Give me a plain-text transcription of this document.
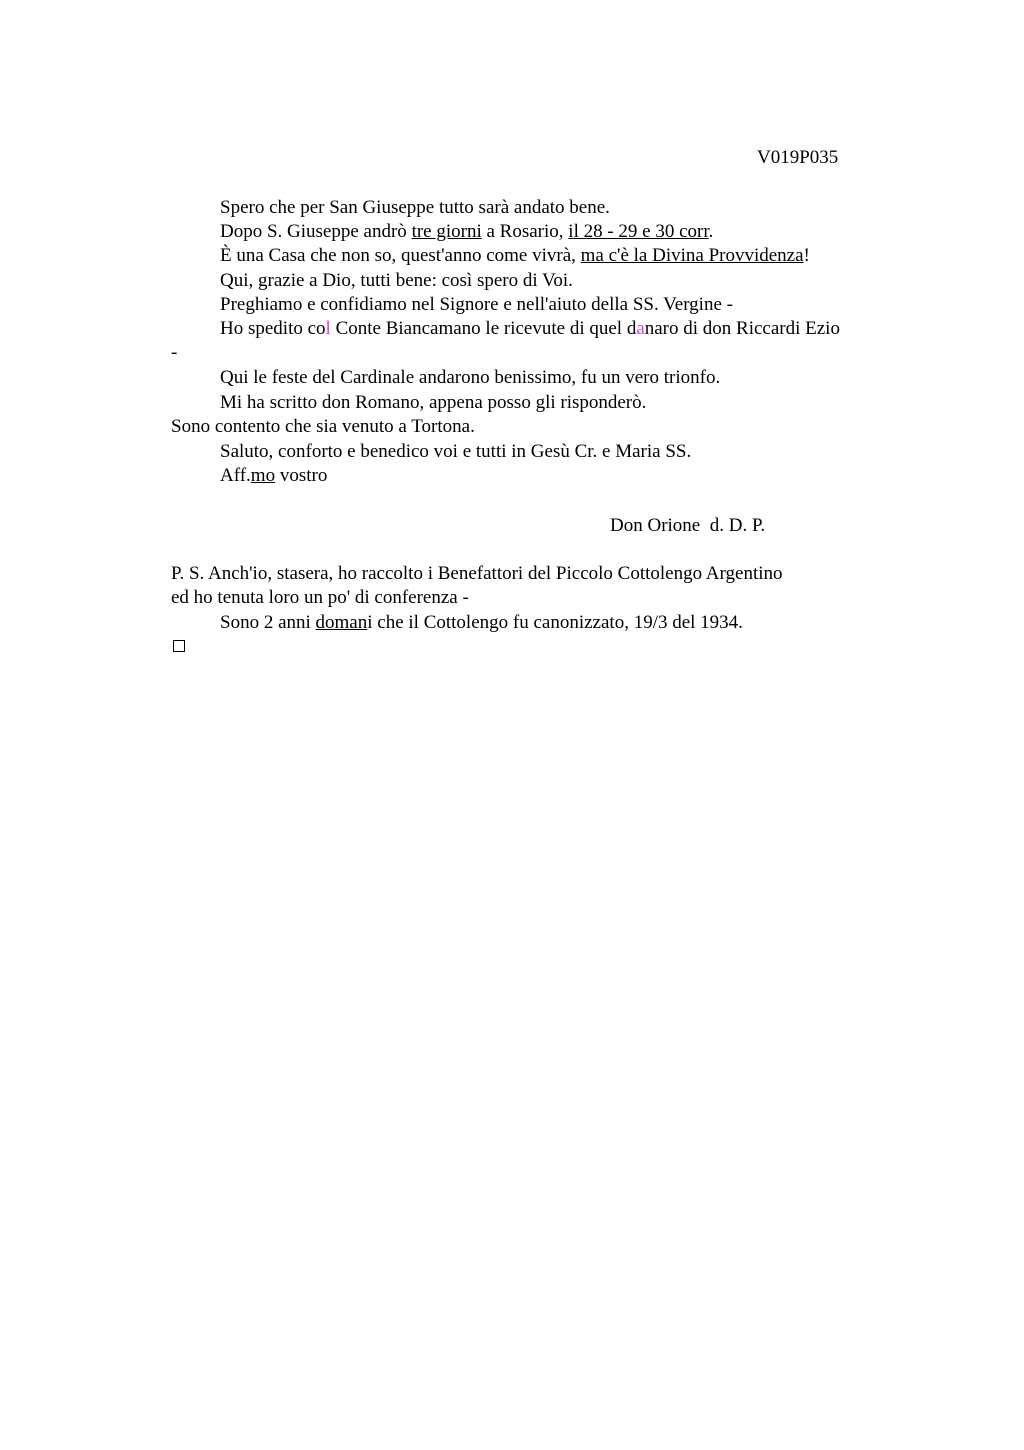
V019P035
Spero che per San Giuseppe tutto sarà andato bene.
Dopo S. Giuseppe andrò tre giorni a Rosario, il 28 - 29 e 30 corr.
È una Casa che non so, quest'anno come vivrà, ma c'è la Divina Provvidenza!
Qui, grazie a Dio, tutti bene: così spero di Voi.
Preghiamo e confidiamo nel Signore e nell'aiuto della SS. Vergine -
Ho spedito col Conte Biancamano le ricevute di quel danaro di don Riccardi Ezio
-
Qui le feste del Cardinale andarono benissimo, fu un vero trionfo.
Mi ha scritto don Romano, appena posso gli risponderò.
Sono contento che sia venuto a Tortona.
Saluto, conforto e benedico voi e tutti in Gesù Cr. e Maria SS.
Aff.mo vostro
Don Orione  d. D. P.
P. S. Anch'io, stasera, ho raccolto i Benefattori del Piccolo Cottolengo Argentino
ed ho tenuta loro un po' di conferenza -
Sono 2 anni domani che il Cottolengo fu canonizzato, 19/3 del 1934.
